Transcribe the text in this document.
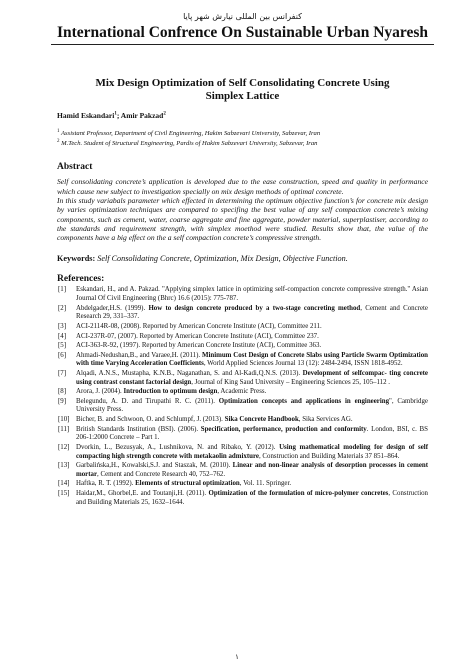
کنفرانس بین المللی نیارش شهر پایا
International Confrence On Sustainable Urban Nyaresh
Mix Design Optimization of Self Consolidating Concrete Using Simplex Lattice
Hamid Eskandari$^1$; Amir Pakzad$^2$
$^1$ Assistant Professor, Department of Civil Engineering, Hakim Sabzevari University, Sabzevar, Iran
$^2$ M.Tech. Student of Structural Engineering, Pardis of Hakim Sabzevari University, Sabzevar, Iran
Abstract
Self consolidating concrete’s application is developed due to the ease construction, speed and quality in performance which cause new subject to investigation specially on mix design methods of optimal concrete.
In this study variabals parameter which effected in determining the optimum objective function’s for concrete mix design by varies optimization techniques are compared to specifing the best value of any self compaction concrete’s mixing components, such as cement, water, coarse aggregate and fine aggregate, powder material, superplastiser, according to the standards and requirement strength, with simplex moethod were studied. Results show that, the value of the components have a big effect on the a self compaction concrete’s compressive strength.
Keywords: Self Consolidating Concrete, Optimization, Mix Design, Objective Function.
References:
[1]	Eskandari, H., and A. Pakzad. "Applying simplex lattice in optimizing self-compaction concrete compressive strength." Asian Journal Of Civil Engineering (Bhrc) 16.6 (2015): 775-787.
[2]	Abdelgader,H.S. (1999). How to design concrete produced by a two-stage concreting method, Cement and Concrete Research 29, 331–337.
[3]	ACI-2114R-08, (2008). Reported by American Concrete Institute (ACI), Committee 211.
[4]	ACI-237R-07, (2007). Reported by American Concrete Institute (ACI), Committee 237.
[5]	ACI-363-R-92, (1997). Reported by American Concrete Institute (ACI), Committee 363.
[6]	Ahmadi-Nedushan,B., and Varaee,H. (2011). Minimum Cost Design of Concrete Slabs using Particle Swarm Optimization with time Varying Acceleration Coefficients, World Applied Sciences Journal 13 (12): 2484-2494, ISSN 1818-4952.
[7]	Alqadi, A.N.S., Mustapha, K.N.B., Naganathan, S. and Al-Kadi,Q.N.S. (2013). Development of selfcompac- ting concrete using contrast constant factorial design, Journal of King Saud University – Engineering Sciences 25, 105–112 .
[8]	Arora, J. (2004). Introduction to optimum design, Academic Press.
[9]	Belegundu, A. D. and Tirupathi R. C. (2011). Optimization concepts and applications in engineering", Cambridge University Press.
[10] Bicher, B. and Schwoon, O. and Schlumpf, J. (2013). Sika Concrete Handbook, Sika Services AG.
[11] British Standards Institution (BSI). (2006). Specification, performance, production and conformity. London, BSI, c. BS 206-1:2000 Concrete – Part 1.
[12] Dvorkin, L., Bezusyak, A., Lushnikova, N. and Ribako, Y. (2012). Using mathematical modeling for design of self compacting high strength concrete with metakaolin admixture, Construction and Building Materials 37 851–864.
[13] Garbalińska,H., Kowalski,S.J. and Staszak, M. (2010). Linear and non-linear analysis of desorption processes in cement mortar, Cement and Concrete Research 40, 752–762.
[14] Haftka, R. T. (1992). Elements of structural optimization, Vol. 11. Springer.
[15] Haidar,M., Ghorbel,E. and Toutanji,H. (2011). Optimization of the formulation of micro-polymer concretes, Construction and Building Materials 25, 1632–1644.
۱
